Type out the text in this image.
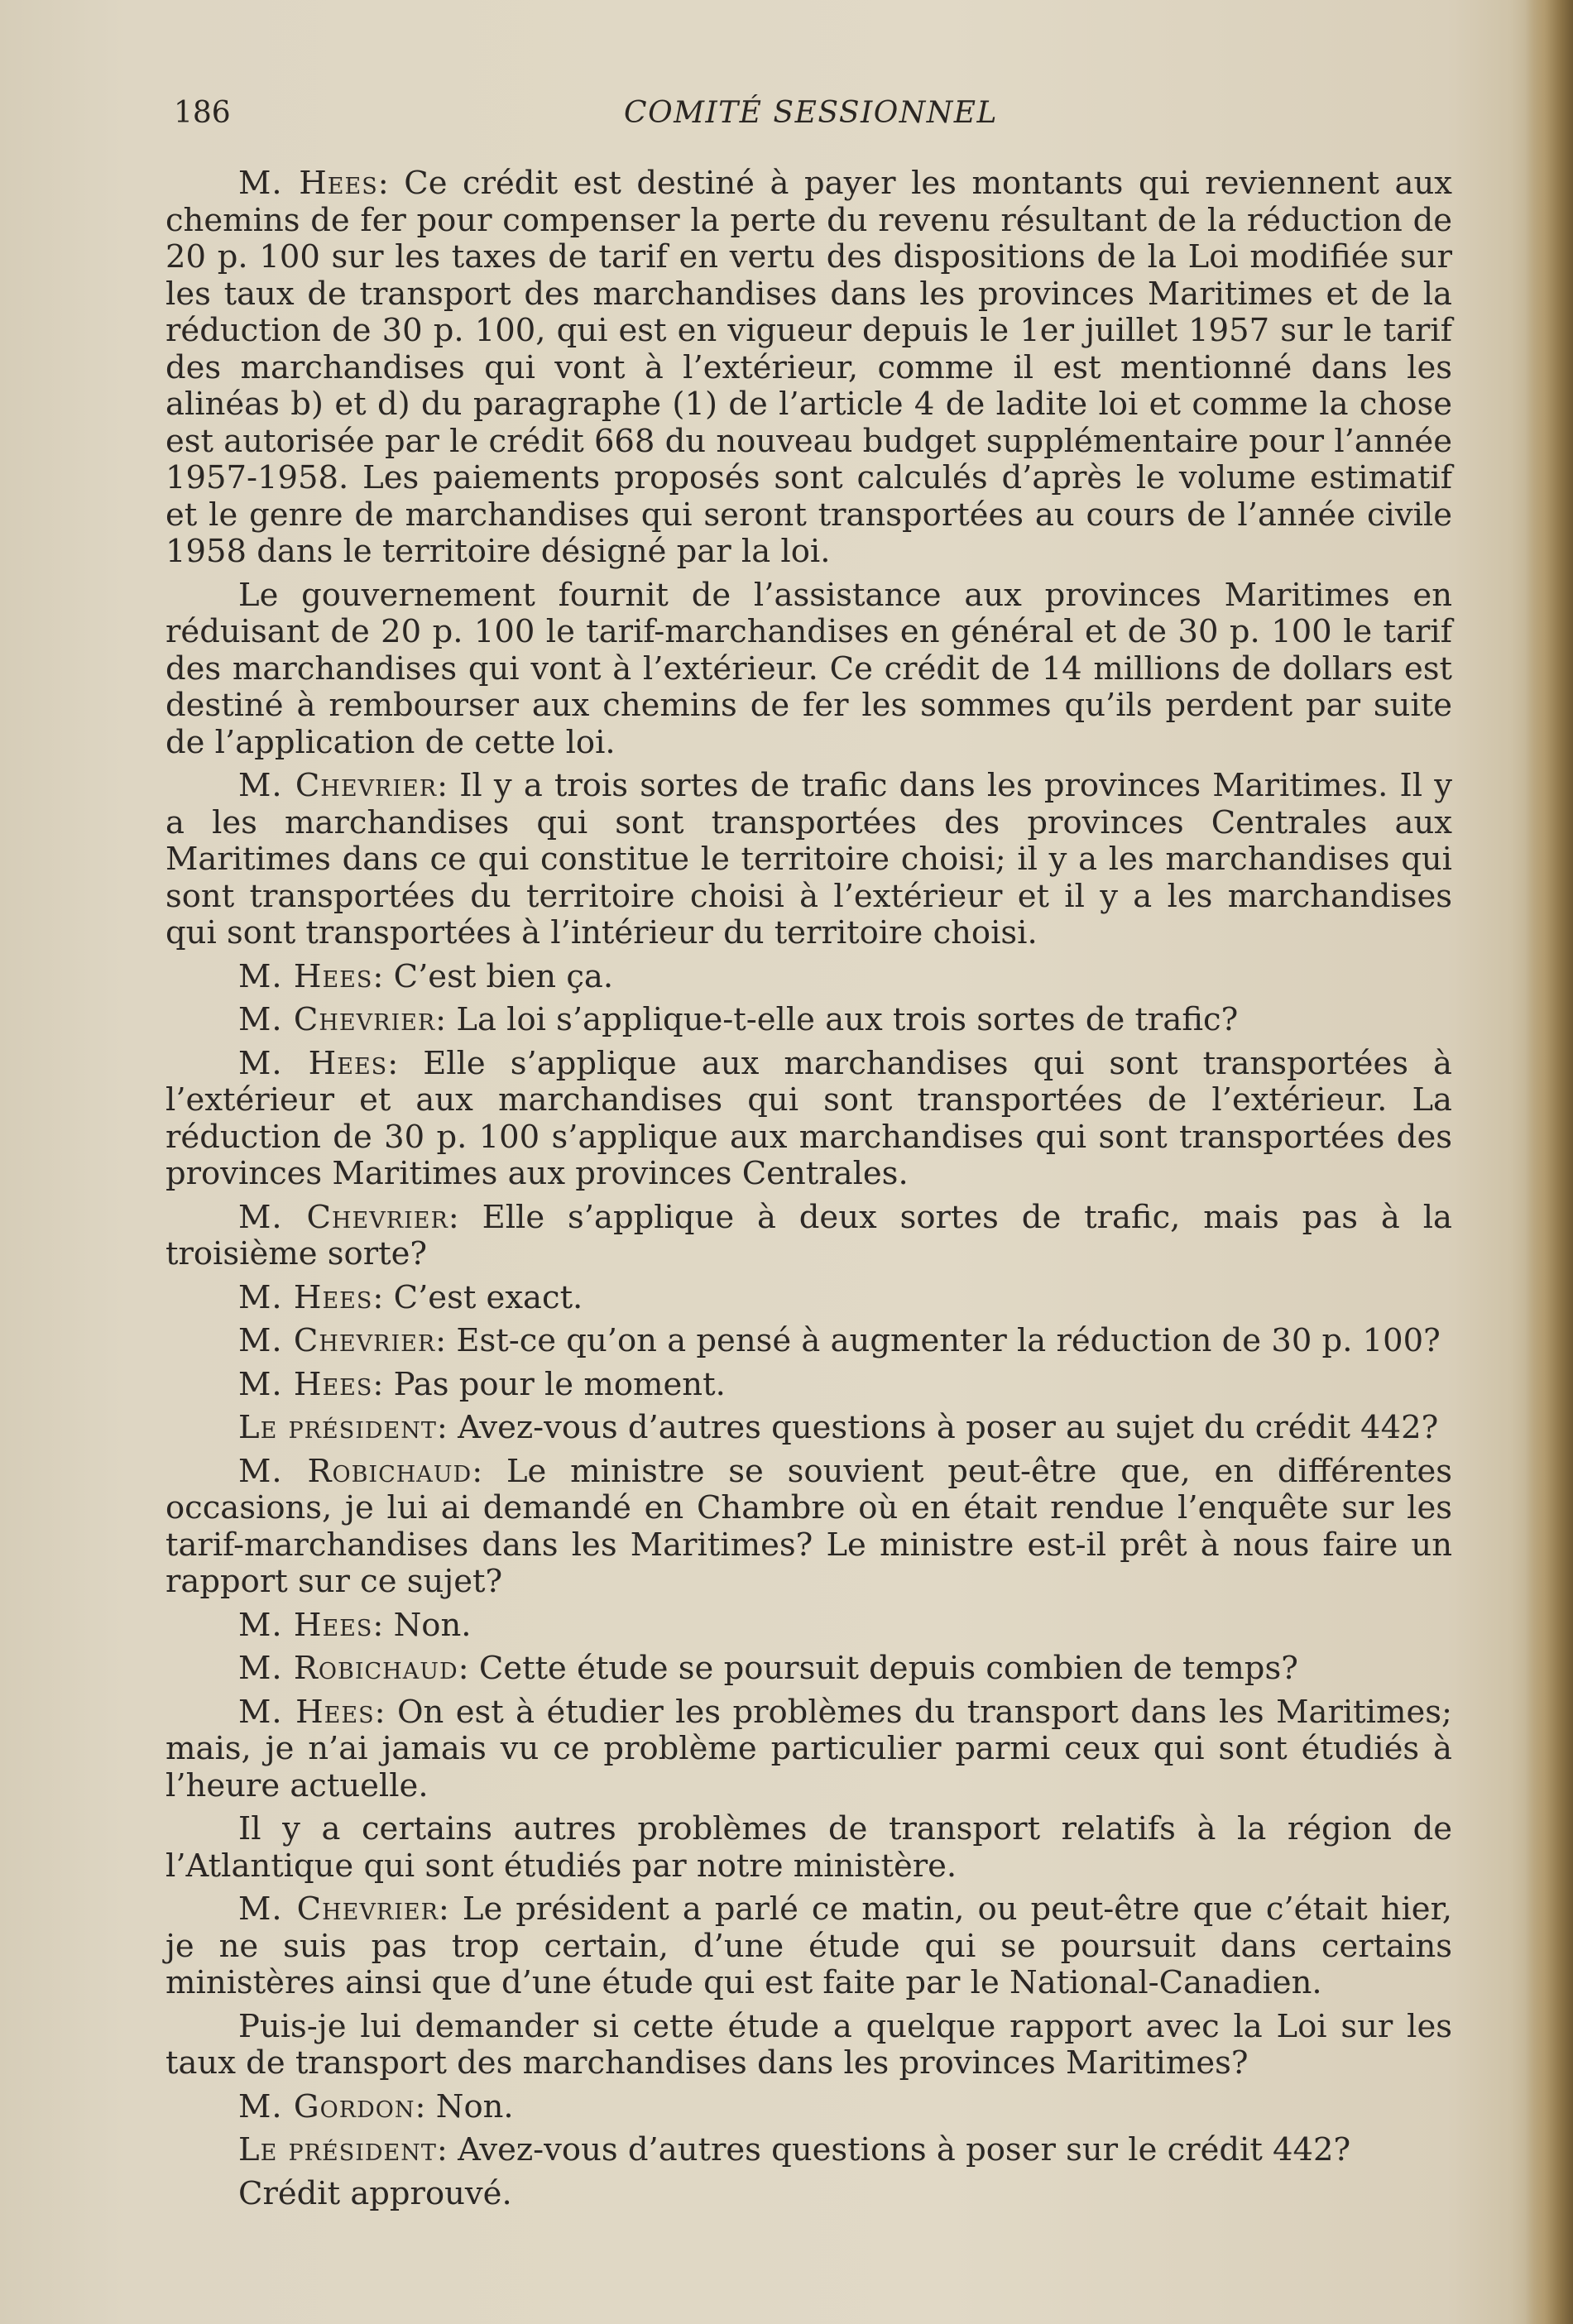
186	COMITÉ SESSIONNEL

M. Hees: Ce crédit est destiné à payer les montants qui reviennent aux chemins de fer pour compenser la perte du revenu résultant de la réduction de 20 p. 100 sur les taxes de tarif en vertu des dispositions de la Loi modifiée sur les taux de transport des marchandises dans les provinces Maritimes et de la réduction de 30 p. 100, qui est en vigueur depuis le 1er juillet 1957 sur le tarif des marchandises qui vont à l’extérieur, comme il est mentionné dans les alinéas b) et d) du paragraphe (1) de l’article 4 de ladite loi et comme la chose est autorisée par le crédit 668 du nouveau budget supplémentaire pour l’année 1957-1958. Les paiements proposés sont calculés d’après le volume estimatif et le genre de marchandises qui seront transportées au cours de l’année civile 1958 dans le territoire désigné par la loi.

Le gouvernement fournit de l’assistance aux provinces Maritimes en réduisant de 20 p. 100 le tarif-marchandises en général et de 30 p. 100 le tarif des marchandises qui vont à l’extérieur. Ce crédit de 14 millions de dollars est destiné à rembourser aux chemins de fer les sommes qu’ils perdent par suite de l’application de cette loi.

M. Chevrier: Il y a trois sortes de trafic dans les provinces Maritimes. Il y a les marchandises qui sont transportées des provinces Centrales aux Maritimes dans ce qui constitue le territoire choisi; il y a les marchandises qui sont transportées du territoire choisi à l’extérieur et il y a les marchandises qui sont transportées à l’intérieur du territoire choisi.

M. Hees: C’est bien ça.

M. Chevrier: La loi s’applique-t-elle aux trois sortes de trafic?

M. Hees: Elle s’applique aux marchandises qui sont transportées à l’extérieur et aux marchandises qui sont transportées de l’extérieur. La réduction de 30 p. 100 s’applique aux marchandises qui sont transportées des provinces Maritimes aux provinces Centrales.

M. Chevrier: Elle s’applique à deux sortes de trafic, mais pas à la troisième sorte?

M. Hees: C’est exact.

M. Chevrier: Est-ce qu’on a pensé à augmenter la réduction de 30 p. 100?

M. Hees: Pas pour le moment.

Le président: Avez-vous d’autres questions à poser au sujet du crédit 442?

M. Robichaud: Le ministre se souvient peut-être que, en différentes occasions, je lui ai demandé en Chambre où en était rendue l’enquête sur les tarif-marchandises dans les Maritimes? Le ministre est-il prêt à nous faire un rapport sur ce sujet?

M. Hees: Non.

M. Robichaud: Cette étude se poursuit depuis combien de temps?

M. Hees: On est à étudier les problèmes du transport dans les Maritimes; mais, je n’ai jamais vu ce problème particulier parmi ceux qui sont étudiés à l’heure actuelle.

Il y a certains autres problèmes de transport relatifs à la région de l’Atlantique qui sont étudiés par notre ministère.

M. Chevrier: Le président a parlé ce matin, ou peut-être que c’était hier, je ne suis pas trop certain, d’une étude qui se poursuit dans certains ministères ainsi que d’une étude qui est faite par le National-Canadien.

Puis-je lui demander si cette étude a quelque rapport avec la Loi sur les taux de transport des marchandises dans les provinces Maritimes?

M. Gordon: Non.

Le président: Avez-vous d’autres questions à poser sur le crédit 442?

Crédit approuvé.
